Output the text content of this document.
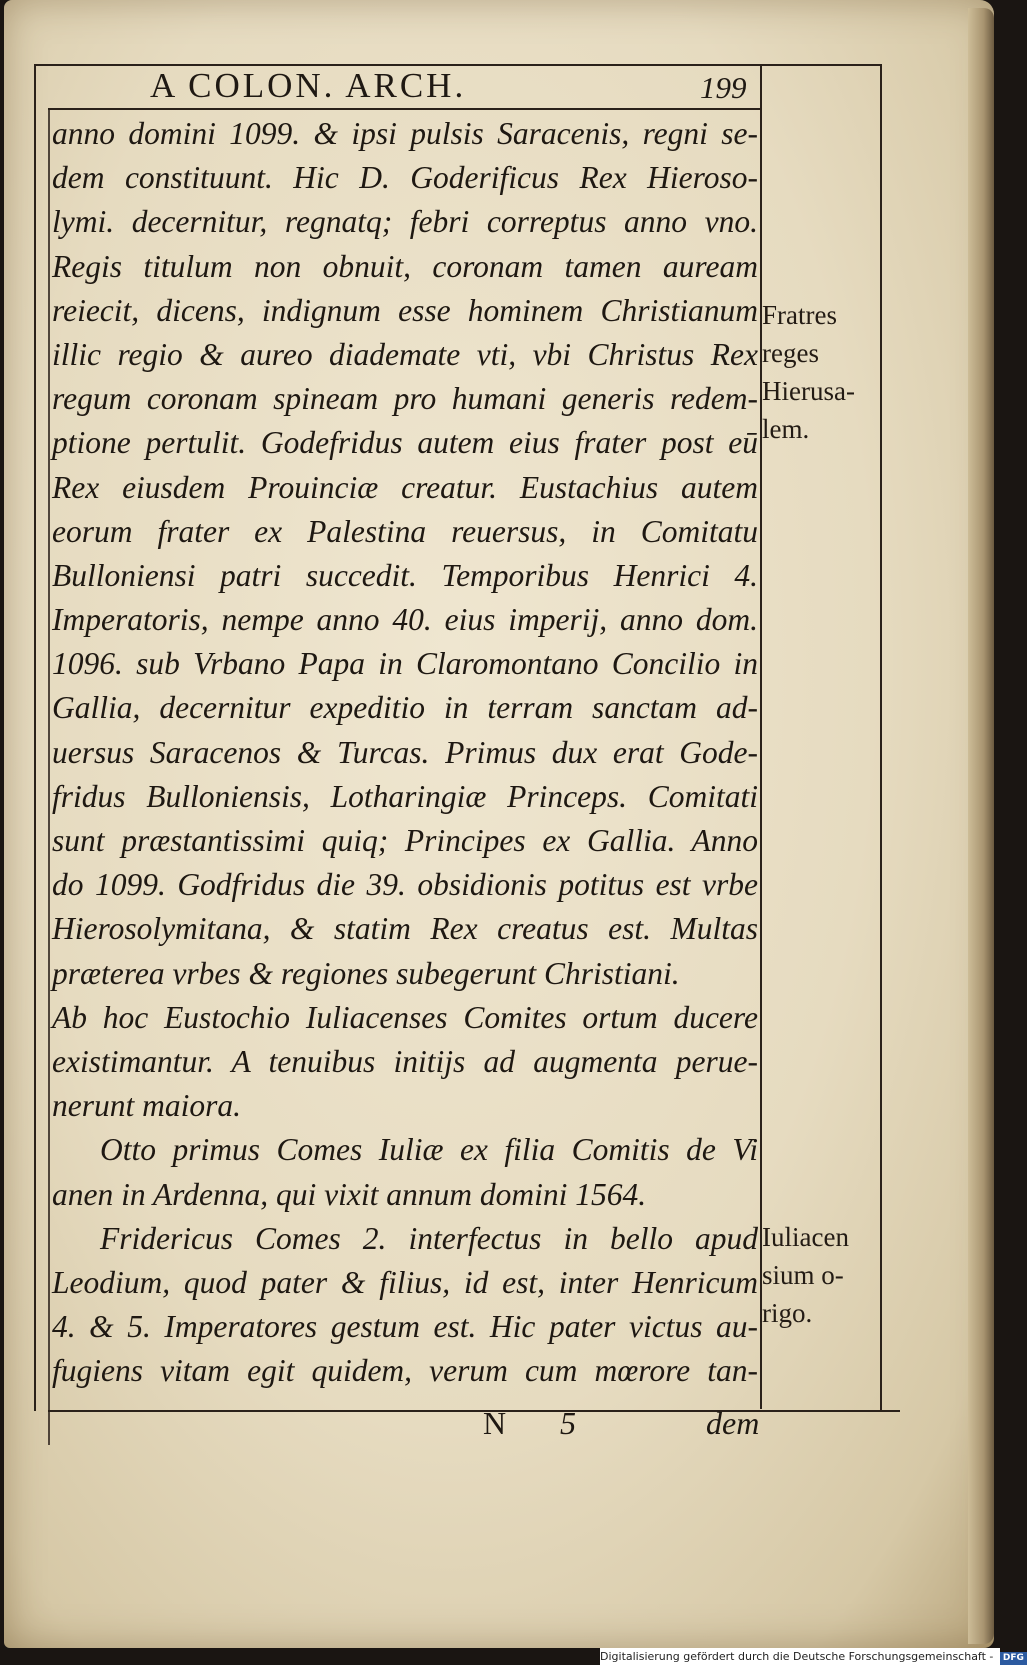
A COLON. ARCH.	199
anno domini 1099. & ipsi pulsis Saracenis, regni se-
dem constituunt. Hic D. Goderificus Rex Hieroso-
lymi. decernitur, regnatq; febri correptus anno vno.
Regis titulum non obnuit, coronam tamen auream
reiecit, dicens, indignum esse hominem Christianum
illic regio & aureo diademate vti, vbi Christus Rex
regum coronam spineam pro humani generis redem-
ptione pertulit. Godefridus autem eius frater post eū
Rex eiusdem Prouinciæ creatur. Eustachius autem
eorum frater ex Palestina reuersus, in Comitatu
Bulloniensi patri succedit. Temporibus Henrici 4.
Imperatoris, nempe anno 40. eius imperij, anno dom.
1096. sub Vrbano Papa in Claromontano Concilio in
Gallia, decernitur expeditio in terram sanctam ad-
uersus Saracenos & Turcas. Primus dux erat Gode-
fridus Bulloniensis, Lotharingiæ Princeps. Comitati
sunt præstantissimi quiq; Principes ex Gallia. Anno
do 1099. Godfridus die 39. obsidionis potitus est vrbe
Hierosolymitana, & statim Rex creatus est. Multas
præterea vrbes & regiones subegerunt Christiani.
Ab hoc Eustochio Iuliacenses Comites ortum ducere
existimantur. A tenuibus initijs ad augmenta perue-
nerunt maiora.
Otto primus Comes Iuliæ ex filia Comitis de Vi
anen in Ardenna, qui vixit annum domini 1564.
Fridericus Comes 2. interfectus in bello apud
Leodium, quod pater & filius, id est, inter Henricum
4. & 5. Imperatores gestum est. Hic pater victus au-
fugiens vitam egit quidem, verum cum mœrore tan-
Fratres
reges
Hierusa-
lem.
Iuliacen
sium o-
rigo.
N 5	dem
Digitalisierung gefördert durch die Deutsche Forschungsgemeinschaft - DFG
